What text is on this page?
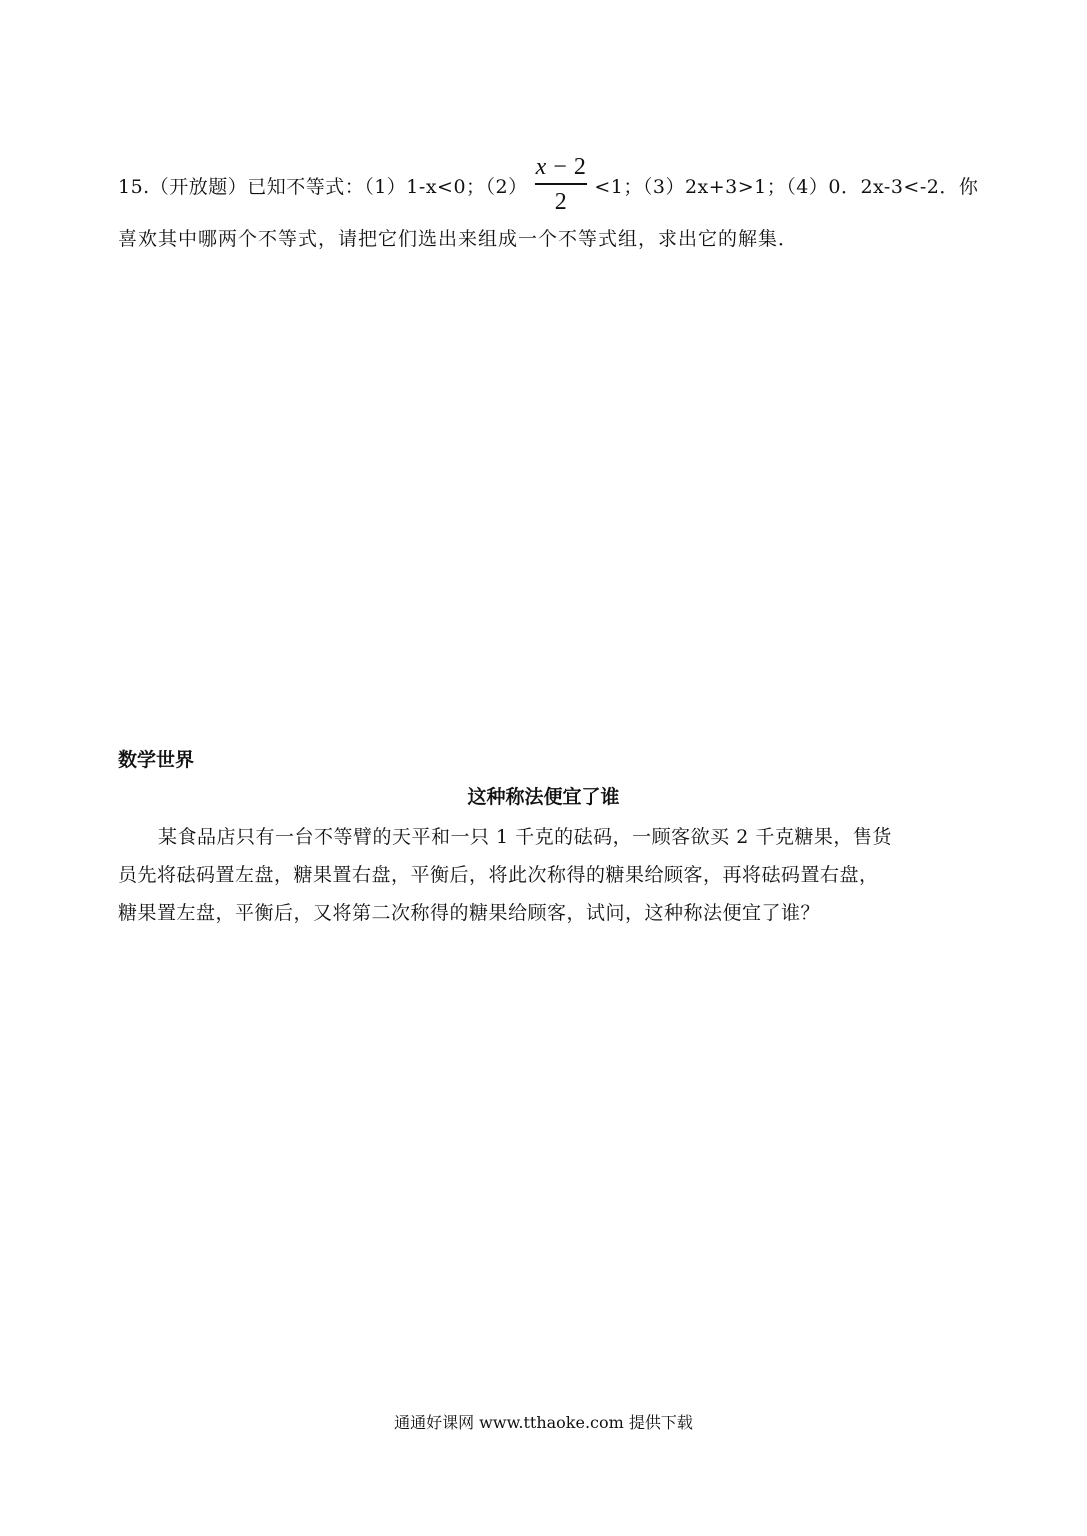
15.（开放题）已知不等式：（1）1-x<0；$(2) \frac{x - 2}{2} <1$；（3）2x+3>1；（4）0．2x-3<-2．你
喜欢其中哪两个不等式，请把它们选出来组成一个不等式组，求出它的解集．
数学世界
这种称法便宜了谁
某食品店只有一台不等臂的天平和一只 1 千克的砝码，一顾客欲买 2 千克糖果，售货
员先将砝码置左盘，糖果置右盘，平衡后，将此次称得的糖果给顾客，再将砝码置右盘，
糖果置左盘，平衡后，又将第二次称得的糖果给顾客，试问，这种称法便宜了谁？
通通好课网 www.tthaoke.com 提供下载
